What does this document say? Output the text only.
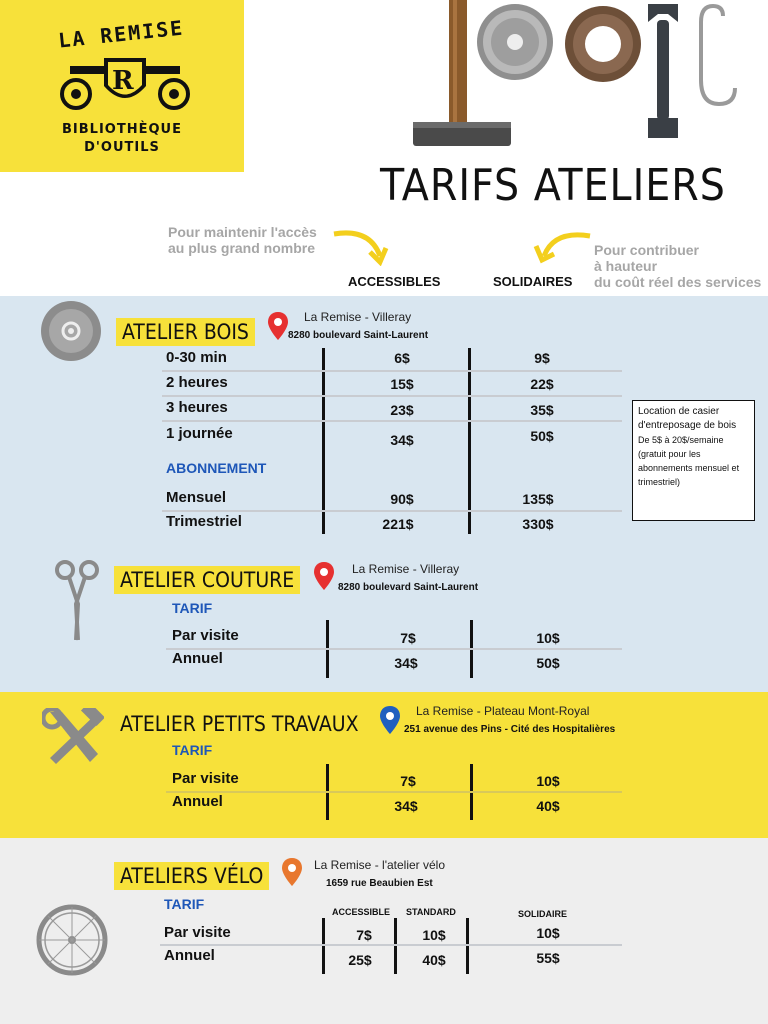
LA REMISE
R
BIBLIOTHÈQUE
D'OUTILS
TARIFS ATELIERS
Pour maintenir l'accès
au plus grand nombre	Pour contribuer
à hauteur
du coût réel des services
ACCESSIBLES	SOLIDAIRES
ATELIER BOIS
La Remise - Villeray
8280 boulevard Saint-Laurent
0-30 min	6$	9$
2 heures	15$	22$
3 heures	23$	35$
1 journée	34$	50$
ABONNEMENT
Mensuel	90$	135$
Trimestriel	221$	330$
Location de casier
d'entreposage de bois
De 5$ à 20$/semaine
(gratuit pour les
abonnements mensuel et
trimestriel)
ATELIER COUTURE	La Remise - Villeray
8280 boulevard Saint-Laurent
TARIF
Par visite	7$	10$
Annuel	34$	50$
ATELIER PETITS TRAVAUX
La Remise - Plateau Mont-Royal
251 avenue des Pins - Cité des Hospitalières
TARIF
Par visite	7$	10$
Annuel	34$	40$
ATELIERS VÉLO	La Remise - l'atelier vélo
1659 rue Beaubien Est
TARIF	ACCESSIBLE STANDARD	SOLIDAIRE
Par visite	7$	10$	10$
Annuel	25$	40$	55$
